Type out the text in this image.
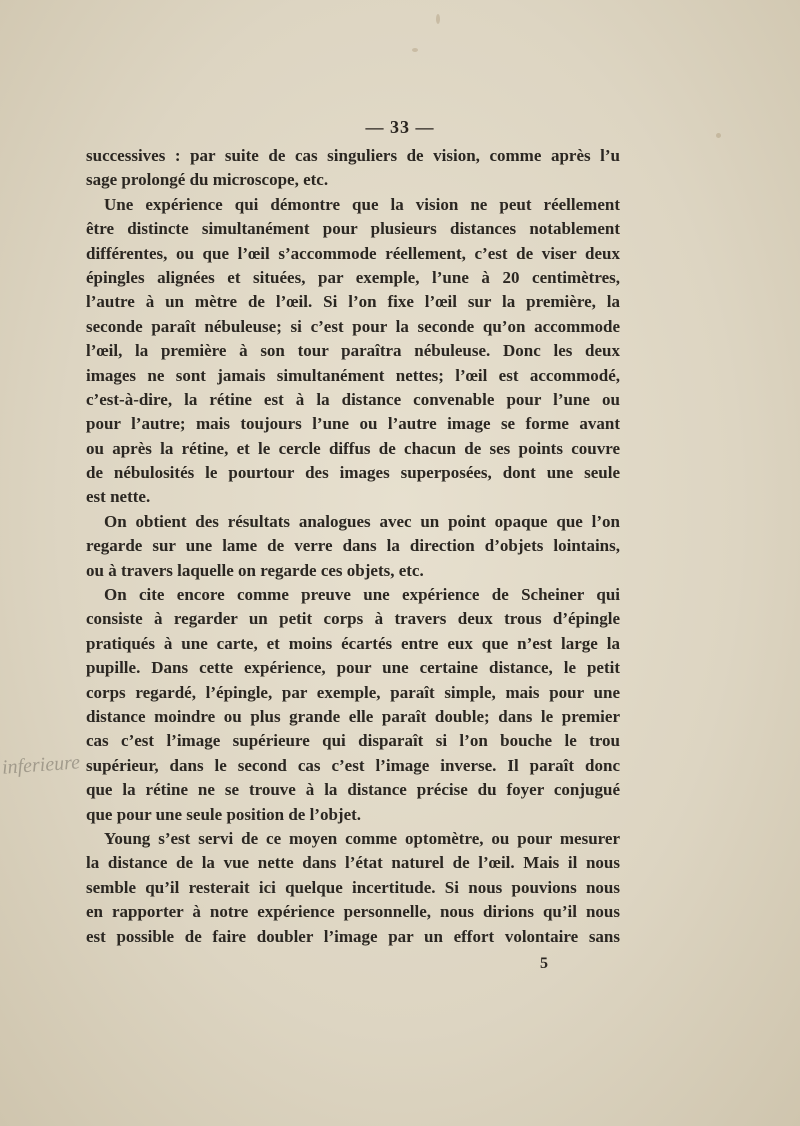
— 33 —
successives : par suite de cas singuliers de vision, comme après l’u
sage prolongé du microscope, etc.
Une expérience qui démontre que la vision ne peut réellement
être distincte simultanément pour plusieurs distances notablement
différentes, ou que l’œil s’accommode réellement, c’est de viser deux
épingles alignées et situées, par exemple, l’une à 20 centimètres,
l’autre à un mètre de l’œil. Si l’on fixe l’œil sur la première, la
seconde paraît nébuleuse; si c’est pour la seconde qu’on accommode
l’œil, la première à son tour paraîtra nébuleuse. Donc les deux
images ne sont jamais simultanément nettes; l’œil est accommodé,
c’est-à-dire, la rétine est à la distance convenable pour l’une ou
pour l’autre; mais toujours l’une ou l’autre image se forme avant
ou après la rétine, et le cercle diffus de chacun de ses points couvre
de nébulosités le pourtour des images superposées, dont une seule
est nette.
On obtient des résultats analogues avec un point opaque que l’on
regarde sur une lame de verre dans la direction d’objets lointains,
ou à travers laquelle on regarde ces objets, etc.
On cite encore comme preuve une expérience de Scheiner qui
consiste à regarder un petit corps à travers deux trous d’épingle
pratiqués à une carte, et moins écartés entre eux que n’est large la
pupille. Dans cette expérience, pour une certaine distance, le petit
corps regardé, l’épingle, par exemple, paraît simple, mais pour une
distance moindre ou plus grande elle paraît double; dans le premier
cas c’est l’image supérieure qui disparaît si l’on bouche le trou
supérieur, dans le second cas c’est l’image inverse. Il paraît donc
que la rétine ne se trouve à la distance précise du foyer conjugué
que pour une seule position de l’objet.
Young s’est servi de ce moyen comme optomètre, ou pour mesurer
la distance de la vue nette dans l’état naturel de l’œil. Mais il nous
semble qu’il resterait ici quelque incertitude. Si nous pouvions nous
en rapporter à notre expérience personnelle, nous dirions qu’il nous
est possible de faire doubler l’image par un effort volontaire sans
inferieure
5
